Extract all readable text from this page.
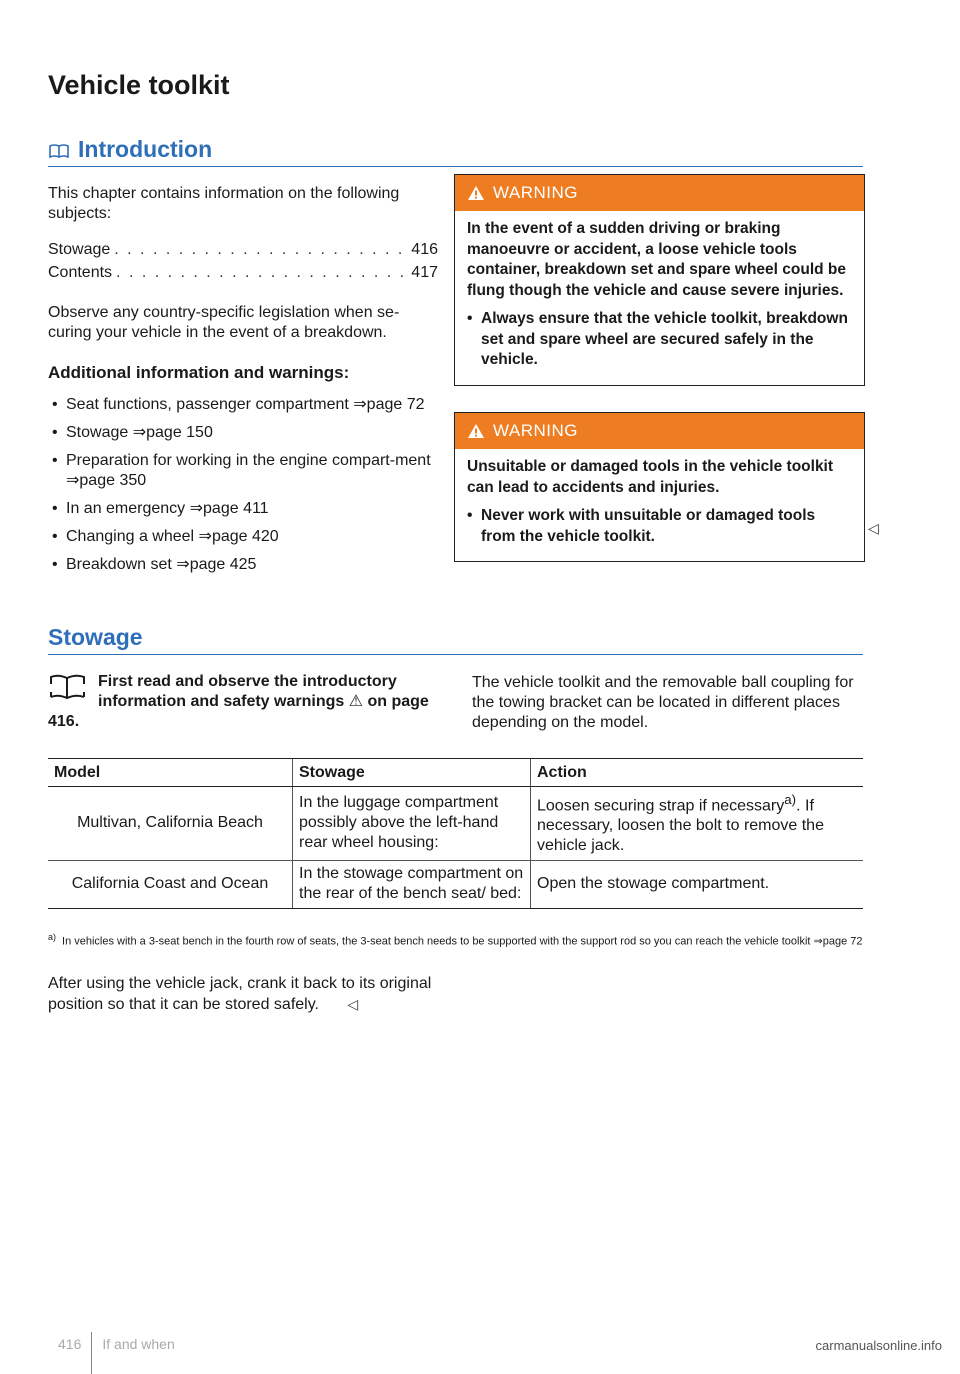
Vehicle toolkit
Introduction

This chapter contains information on the following subjects:

Stowage . . .	416
Contents . . .	417

Observe any country-specific legislation when se-curing your vehicle in the event of a breakdown.

Additional information and warnings:

• Seat functions, passenger compartment ⇒page 72
• Stowage ⇒page 150
• Preparation for working in the engine compart-ment ⇒page 350
• In an emergency ⇒page 411
• Changing a wheel ⇒page 420
• Breakdown set ⇒page 425
WARNING

In the event of a sudden driving or braking manoeuvre or accident, a loose vehicle tools container, breakdown set and spare wheel could be flung though the vehicle and cause severe injuries.

• Always ensure that the vehicle toolkit, breakdown set and spare wheel are secured safely in the vehicle.

WARNING

Unsuitable or damaged tools in the vehicle toolkit can lead to accidents and injuries.

• Never work with unsuitable or damaged tools from the vehicle toolkit.	◁
Stowage
First read and observe the introductory information and safety warnings ⚠ on page 416.
The vehicle toolkit and the removable ball coupling for the towing bracket can be located in different places depending on the model.
Model	Stowage	Action
Multivan, California Beach	In the luggage compartment possibly above the left-hand rear wheel housing:	Loosen securing strap if necessary$^{a)}$. If necessary, loosen the bolt to remove the vehicle jack.
California Coast and Ocean	In the stowage compartment on the rear of the bench seat/ bed:	Open the stowage compartment.
$^{a)}$ In vehicles with a 3-seat bench in the fourth row of seats, the 3-seat bench needs to be supported with the support rod so you can reach the vehicle toolkit ⇒page 72
After using the vehicle jack, crank it back to its original position so that it can be stored safely. ◁
416 If and when	carmanualsonline.info
